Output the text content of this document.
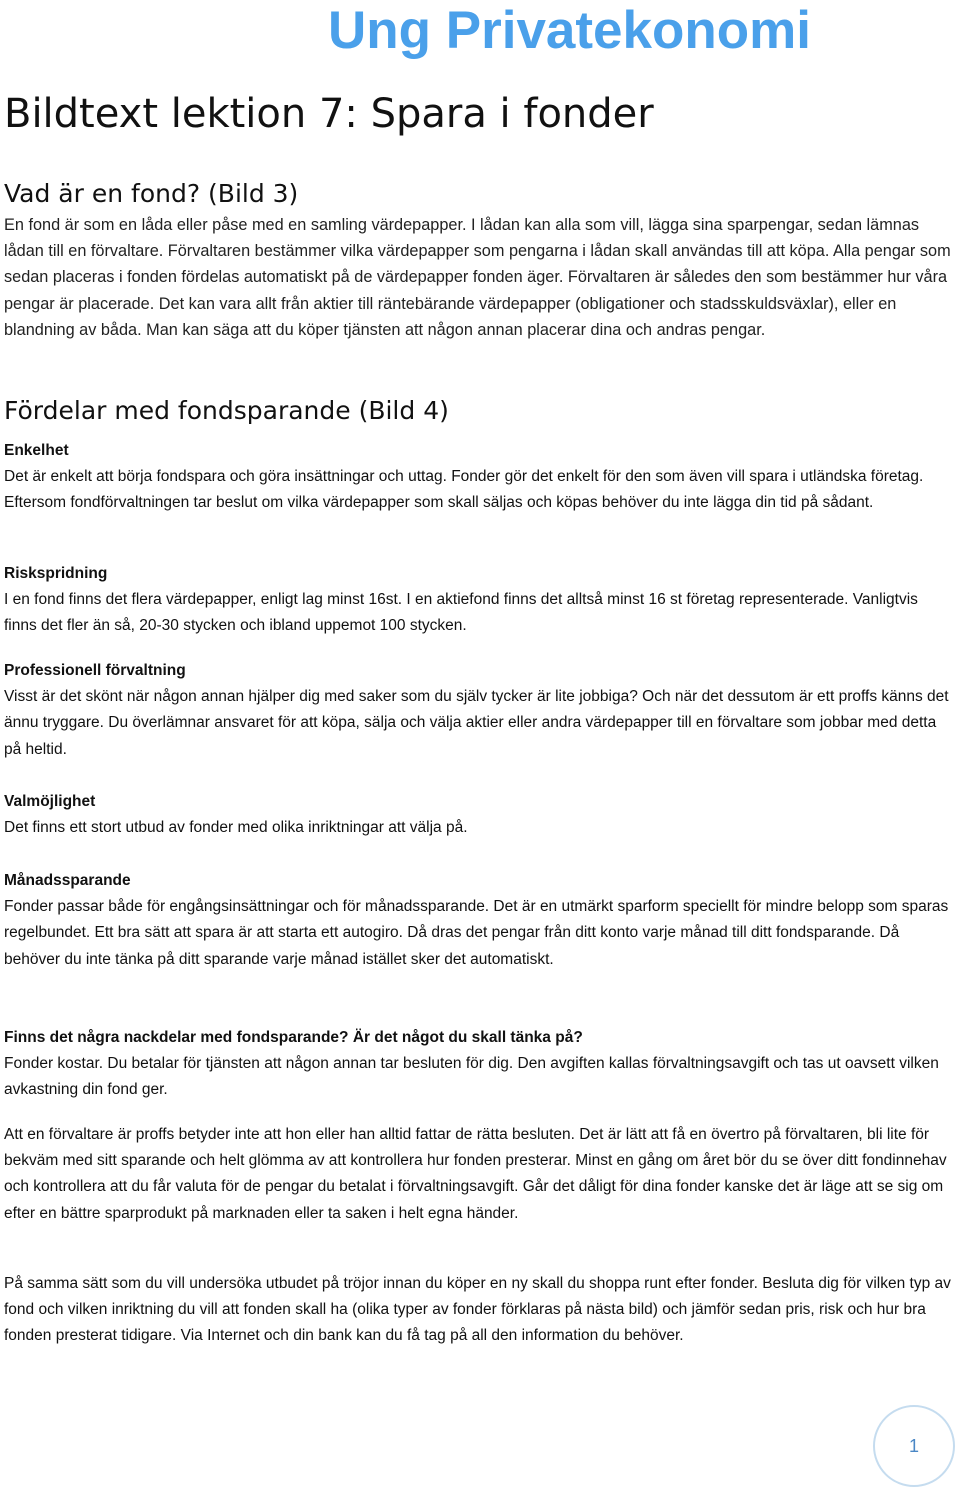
Ung Privatekonomi
Bildtext lektion 7: Spara i fonder
Vad är en fond? (Bild 3)

En fond är som en låda eller påse med en samling värdepapper. I lådan kan alla som vill, lägga sina sparpengar, sedan lämnas lådan till en förvaltare. Förvaltaren bestämmer vilka värdepapper som pengarna i lådan skall användas till att köpa. Alla pengar som sedan placeras i fonden fördelas automatiskt på de värdepapper fonden äger. Förvaltaren är således den som bestämmer hur våra pengar är placerade. Det kan vara allt från aktier till räntebärande värdepapper (obligationer och stadsskuldsväxlar), eller en blandning av båda. Man kan säga att du köper tjänsten att någon annan placerar dina och andras pengar.

Fördelar med fondsparande (Bild 4)
Enkelhet

Det är enkelt att börja fondspara och göra insättningar och uttag. Fonder gör det enkelt för den som även vill spara i utländska företag. Eftersom fondförvaltningen tar beslut om vilka värdepapper som skall säljas och köpas behöver du inte lägga din tid på sådant.

Riskspridning

I en fond finns det flera värdepapper, enligt lag minst 16st. I en aktiefond finns det alltså minst 16 st företag representerade. Vanligtvis finns det fler än så, 20-30 stycken och ibland uppemot 100 stycken.

Professionell förvaltning

Visst är det skönt när någon annan hjälper dig med saker som du själv tycker är lite jobbiga? Och när det dessutom är ett proffs känns det ännu tryggare. Du överlämnar ansvaret för att köpa, sälja och välja aktier eller andra värdepapper till en förvaltare som jobbar med detta på heltid.

Valmöjlighet

Det finns ett stort utbud av fonder med olika inriktningar att välja på.

Månadssparande

Fonder passar både för engångsinsättningar och för månadssparande. Det är en utmärkt sparform speciellt för mindre belopp som sparas regelbundet. Ett bra sätt att spara är att starta ett autogiro. Då dras det pengar från ditt konto varje månad till ditt fondsparande. Då behöver du inte tänka på ditt sparande varje månad istället sker det automatiskt.

Finns det några nackdelar med fondsparande? Är det något du skall tänka på?

Fonder kostar. Du betalar för tjänsten att någon annan tar besluten för dig. Den avgiften kallas förvaltningsavgift och tas ut oavsett vilken avkastning din fond ger.

Att en förvaltare är proffs betyder inte att hon eller han alltid fattar de rätta besluten. Det är lätt att få en övertro på förvaltaren, bli lite för bekväm med sitt sparande och helt glömma av att kontrollera hur fonden presterar. Minst en gång om året bör du se över ditt fondinnehav och kontrollera att du får valuta för de pengar du betalat i förvaltningsavgift. Går det dåligt för dina fonder kanske det är läge att se sig om efter en bättre sparprodukt på marknaden eller ta saken i helt egna händer.

På samma sätt som du vill undersöka utbudet på tröjor innan du köper en ny skall du shoppa runt efter fonder. Besluta dig för vilken typ av fond och vilken inriktning du vill att fonden skall ha (olika typer av fonder förklaras på nästa bild) och jämför sedan pris, risk och hur bra fonden presterat tidigare. Via Internet och din bank kan du få tag på all den information du behöver.

1
